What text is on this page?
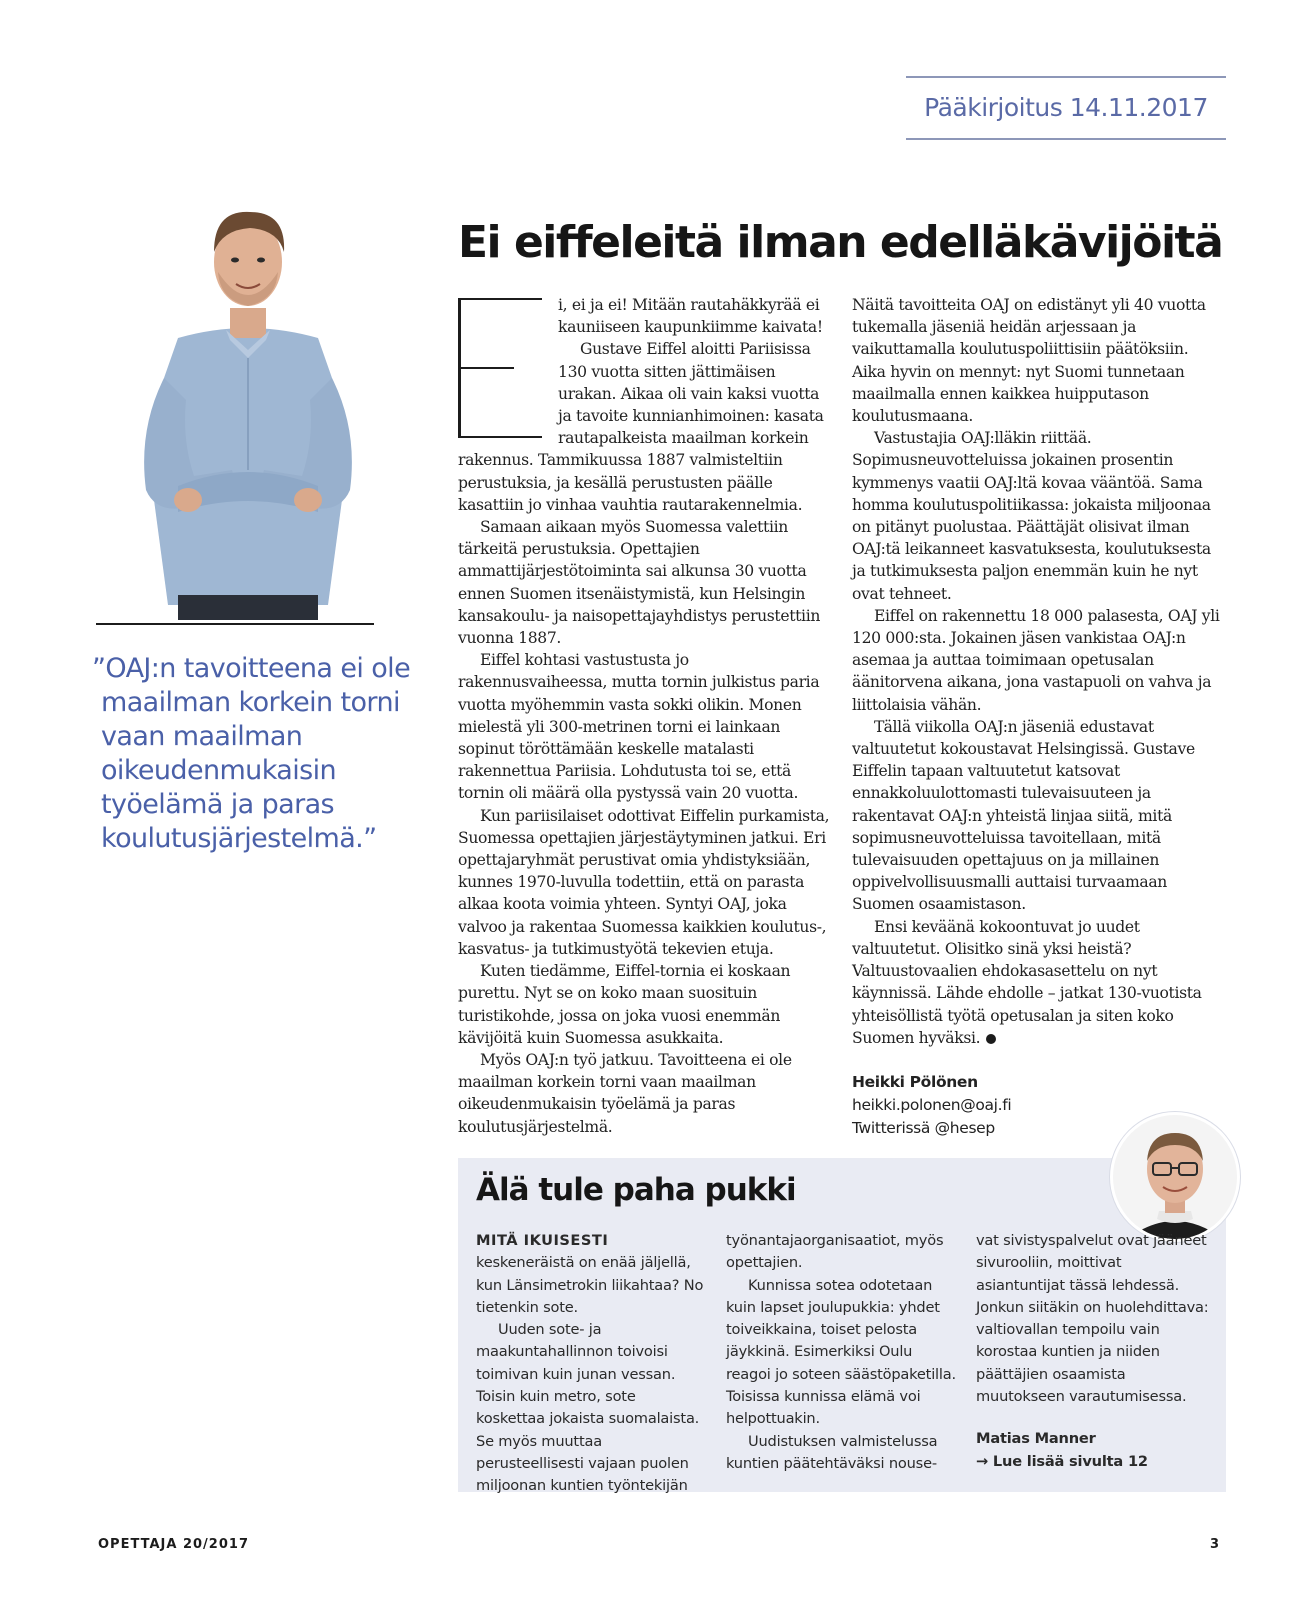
Pääkirjoitus 14.11.2017
”OAJ:n tavoitteena ei ole maailman korkein torni vaan maailman oikeudenmukaisin työelämä ja paras koulutusjärjestelmä.”
Ei eiffeleitä ilman edelläkävijöitä

i, ei ja ei! Mitään rautahäkkyrää ei kauniiseen kaupunkiimme kaivata!

Gustave Eiffel aloitti Pariisissa 130 vuotta sitten jättimäisen urakan. Aikaa oli vain kaksi vuotta ja tavoite kunnianhimoinen: kasata rautapalkeista maailman korkein rakennus. Tammikuussa 1887 valmisteltiin perustuksia, ja kesällä perustusten päälle kasattiin jo vinhaa vauhtia rautarakennelmia.

Samaan aikaan myös Suomessa valettiin tärkeitä perustuksia. Opettajien ammattijärjestötoiminta sai alkunsa 30 vuotta ennen Suomen itsenäistymistä, kun Helsingin kansakoulu- ja naisopettajayhdistys perustettiin vuonna 1887.

Eiffel kohtasi vastustusta jo rakennusvaiheessa, mutta tornin julkistus paria vuotta myöhemmin vasta sokki olikin. Monen mielestä yli 300-metrinen torni ei lainkaan sopinut töröttämään keskelle matalasti rakennettua Pariisia. Lohdutusta toi se, että tornin oli määrä olla pystyssä vain 20 vuotta.

Kun pariisilaiset odottivat Eiffelin purkamista, Suomessa opettajien järjestäytyminen jatkui. Eri opettajaryhmät perustivat omia yhdistyksiään, kunnes 1970-luvulla todettiin, että on parasta alkaa koota voimia yhteen. Syntyi OAJ, joka valvoo ja rakentaa Suomessa kaikkien koulutus-, kasvatus- ja tutkimustyötä tekevien etuja.

Kuten tiedämme, Eiffel-tornia ei koskaan purettu. Nyt se on koko maan suosituin turistikohde, jossa on joka vuosi enemmän kävijöitä kuin Suomessa asukkaita.

Myös OAJ:n työ jatkuu. Tavoitteena ei ole maailman korkein torni vaan maailman oikeudenmukaisin työelämä ja paras koulutusjärjestelmä.

Näitä tavoitteita OAJ on edistänyt yli 40 vuotta tukemalla jäseniä heidän arjessaan ja vaikuttamalla koulutuspoliittisiin päätöksiin. Aika hyvin on mennyt: nyt Suomi tunnetaan maailmalla ennen kaikkea huipputason koulutusmaana.

Vastustajia OAJ:lläkin riittää. Sopimusneuvotteluissa jokainen prosentin kymmenys vaatii OAJ:ltä kovaa vääntöä. Sama homma koulutuspolitiikassa: jokaista miljoonaa on pitänyt puolustaa. Päättäjät olisivat ilman OAJ:tä leikanneet kasvatuksesta, koulutuksesta ja tutkimuksesta paljon enemmän kuin he nyt ovat tehneet.

Eiffel on rakennettu 18 000 palasesta, OAJ yli 120 000:sta. Jokainen jäsen vankistaa OAJ:n asemaa ja auttaa toimimaan opetusalan äänitorvena aikana, jona vastapuoli on vahva ja liittolaisia vähän.

Tällä viikolla OAJ:n jäseniä edustavat valtuutetut kokoustavat Helsingissä. Gustave Eiffelin tapaan valtuutetut katsovat ennakkoluulottomasti tulevaisuuteen ja rakentavat OAJ:n yhteistä linjaa siitä, mitä sopimusneuvotteluissa tavoitellaan, mitä tulevaisuuden opettajuus on ja millainen oppivelvollisuusmalli auttaisi turvaamaan Suomen osaamistason.

Ensi keväänä kokoontuvat jo uudet valtuutetut. Olisitko sinä yksi heistä? Valtuustovaalien ehdokasasettelu on nyt käynnissä. Lähde ehdolle – jatkat 130-vuotista yhteisöllistä työtä opetusalan ja siten koko Suomen hyväksi.

Heikki Pölönen
heikki.polonen@oaj.fi
Twitterissä @hesep
Älä tule paha pukki

MITÄ IKUISESTI keskeneräistä on enää jäljellä, kun Länsimetrokin liikahtaa? No tietenkin sote.

Uuden sote- ja maakuntahallinnon toivoisi toimivan kuin junan vessan. Toisin kuin metro, sote koskettaa jokaista suomalaista. Se myös muuttaa perusteellisesti vajaan puolen miljoonan kuntien työntekijän

työnantajaorganisaatiot, myös opettajien.

Kunnissa sotea odotetaan kuin lapset joulupukkia: yhdet toiveikkaina, toiset pelosta jäykkinä. Esimerkiksi Oulu reagoi jo soteen säästöpaketilla. Toisissa kunnissa elämä voi helpottuakin.

Uudistuksen valmistelussa kuntien päätehtäväksi nouse-

vat sivistyspalvelut ovat jääneet sivurooliin, moittivat asiantuntijat tässä lehdessä. Jonkun siitäkin on huolehdittava: valtiovallan tempoilu vain korostaa kuntien ja niiden päättäjien osaamista muutokseen varautumisessa.

Matias Manner
→ Lue lisää sivulta 12
OPETTAJA 20/2017	3
